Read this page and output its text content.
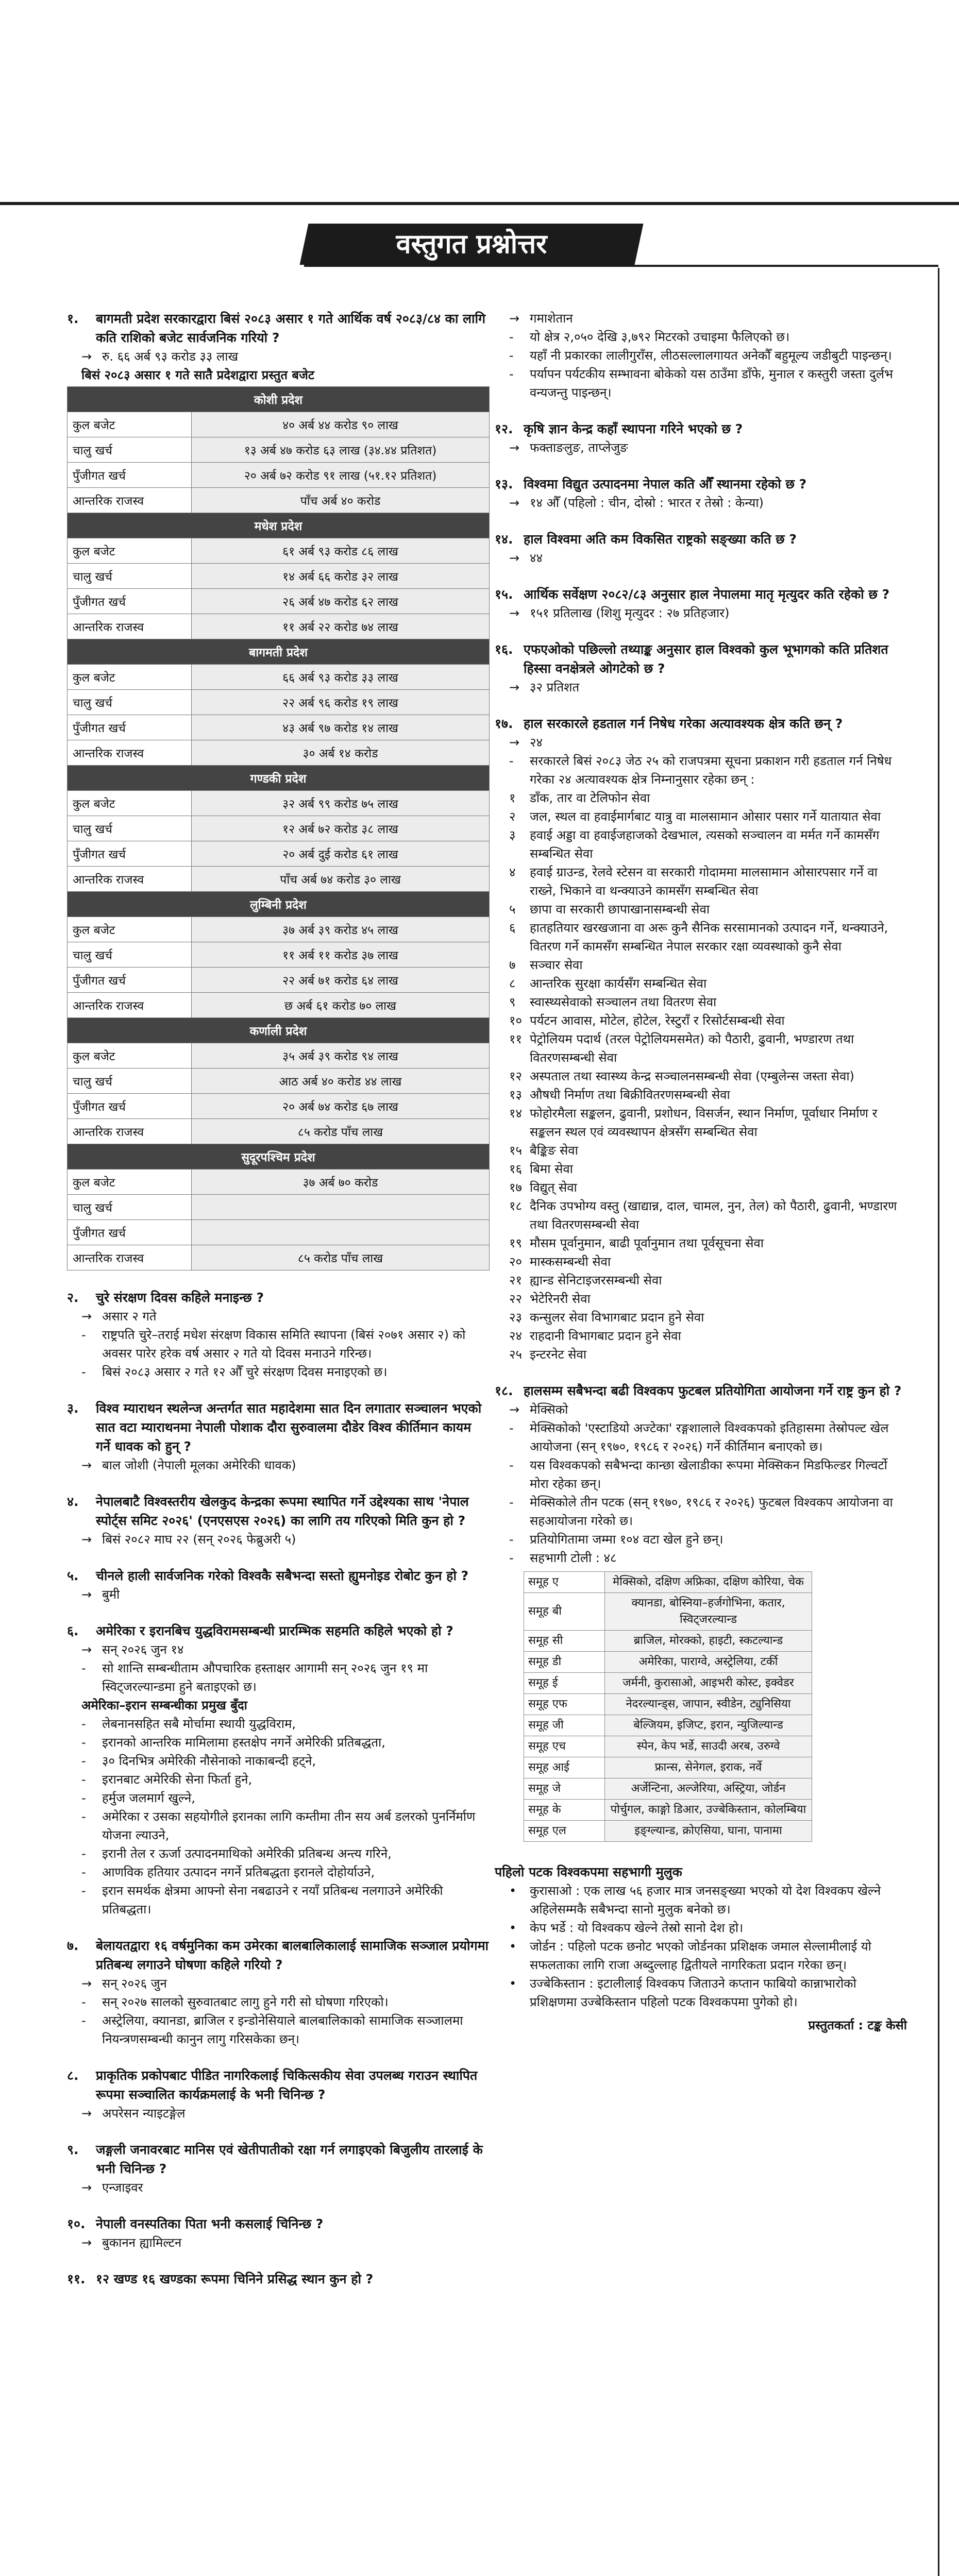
वस्तुगत प्रश्नोत्तर
१.	बागमती प्रदेश सरकारद्वारा बिसं २०८३ असार १ गते आर्थिक वर्ष २०८३/८४ का लागि कति राशिको बजेट सार्वजनिक गरियो ?
→ रु. ६६ अर्ब ९३ करोड ३३ लाख
बिसं २०८३ असार १ गते सातै प्रदेशद्वारा प्रस्तुत बजेट
कोशी प्रदेश	
कुल बजेट	४० अर्ब ४४ करोड ९० लाख
चालु खर्च	१३ अर्ब ४७ करोड ६३ लाख (३४.४४ प्रतिशत)
पुँजीगत खर्च	२० अर्ब ७२ करोड ९१ लाख (५१.१२ प्रतिशत)
आन्तरिक राजस्व	पाँच अर्ब ४० करोड
मधेश प्रदेश	
कुल बजेट	६१ अर्ब ९३ करोड ८६ लाख
चालु खर्च	१४ अर्ब ६६ करोड ३२ लाख
पुँजीगत खर्च	२६ अर्ब ४७ करोड ६२ लाख
आन्तरिक राजस्व	११ अर्ब २२ करोड ७४ लाख
बागमती प्रदेश	
कुल बजेट	६६ अर्ब ९३ करोड ३३ लाख
चालु खर्च	२२ अर्ब ९६ करोड १९ लाख
पुँजीगत खर्च	४३ अर्ब ९७ करोड १४ लाख
आन्तरिक राजस्व	३० अर्ब १४ करोड
गण्डकी प्रदेश	
कुल बजेट	३२ अर्ब ९९ करोड ७५ लाख
चालु खर्च	१२ अर्ब ७२ करोड ३८ लाख
पुँजीगत खर्च	२० अर्ब दुई करोड ६१ लाख
आन्तरिक राजस्व	पाँच अर्ब ७४ करोड ३० लाख
लुम्बिनी प्रदेश	
कुल बजेट	३७ अर्ब ३९ करोड ४५ लाख
चालु खर्च	११ अर्ब ११ करोड ३७ लाख
पुँजीगत खर्च	२२ अर्ब ७१ करोड ६४ लाख
आन्तरिक राजस्व	छ अर्ब ६१ करोड ७० लाख
कर्णाली प्रदेश	
कुल बजेट	३५ अर्ब ३९ करोड ९४ लाख
चालु खर्च	आठ अर्ब ४० करोड ४४ लाख
पुँजीगत खर्च	२० अर्ब ७४ करोड ६७ लाख
आन्तरिक राजस्व	८५ करोड पाँच लाख
सुदूरपश्चिम प्रदेश	
कुल बजेट	३७ अर्ब ७० करोड
चालु खर्च	
पुँजीगत खर्च	
आन्तरिक राजस्व	८५ करोड पाँच लाख
२.	चुरे संरक्षण दिवस कहिले मनाइन्छ ?
→ असार २ गते
-	राष्ट्रपति चुरे–तराई मधेश संरक्षण विकास समिति स्थापना (बिसं २०७१ असार २) को अवसर पारेर हरेक वर्ष असार २ गते यो दिवस मनाउने गरिन्छ।
-	बिसं २०८३ असार २ गते १२ औँ चुरे संरक्षण दिवस मनाइएको छ।
३.	विश्व म्याराथन स्थलेन्ज अन्तर्गत सात महादेशमा सात दिन लगातार सञ्चालन भएको सात वटा म्याराथनमा नेपाली पोशाक दौरा सुरुवालमा दौडेर विश्व कीर्तिमान कायम गर्ने धावक को हुन् ?
→ बाल जोशी (नेपाली मूलका अमेरिकी धावक)
४.	नेपालबाटै विश्वस्तरीय खेलकुद केन्द्रका रूपमा स्थापित गर्ने उद्देश्यका साथ 'नेपाल स्पोर्ट्स समिट २०२६' (एनएसएस २०२६) का लागि तय गरिएको मिति कुन हो ?
→ बिसं २०८२ माघ २२ (सन् २०२६ फेब्रुअरी ५)
५.	चीनले हाली सार्वजनिक गरेको विश्वकै सबैभन्दा सस्तो ह्युमनोइड रोबोट कुन हो ?
→ बुमी
६.	अमेरिका र इरानबिच युद्धविरामसम्बन्धी प्रारम्भिक सहमति कहिले भएको हो ?
→ सन् २०२६ जुन १४
-	सो शान्ति सम्बन्धीताम औपचारिक हस्ताक्षर आगामी सन् २०२६ जुन १९ मा स्विट्जरल्यान्डमा हुने बताइएको छ।
अमेरिका–इरान सम्बन्धीका प्रमुख बुँदा
-	लेबनानसहित सबै मोर्चामा स्थायी युद्धविराम,
-	इरानको आन्तरिक मामिलामा हस्तक्षेप नगर्ने अमेरिकी प्रतिबद्धता,
-	३० दिनभित्र अमेरिकी नौसेनाको नाकाबन्दी हट्ने,
-	इरानबाट अमेरिकी सेना फिर्ता हुने,
-	हर्मुज जलमार्ग खुल्ने,
-	अमेरिका र उसका सहयोगीले इरानका लागि कम्तीमा तीन सय अर्ब डलरको पुनर्निर्माण योजना ल्याउने,
-	इरानी तेल र ऊर्जा उत्पादनमाथिको अमेरिकी प्रतिबन्ध अन्त्य गरिने,
-	आणविक हतियार उत्पादन नगर्ने प्रतिबद्धता इरानले दोहोर्याउने,
-	इरान समर्थक क्षेत्रमा आफ्नो सेना नबढाउने र नयाँ प्रतिबन्ध नलगाउने अमेरिकी प्रतिबद्धता।
७.	बेलायतद्वारा १६ वर्षमुनिका कम उमेरका बालबालिकालाई सामाजिक सञ्जाल प्रयोगमा प्रतिबन्ध लगाउने घोषणा कहिले गरियो ?
→ सन् २०२६ जुन
-	सन् २०२७ सालको सुरुवातबाट लागु हुने गरी सो घोषणा गरिएको।
-	अस्ट्रेलिया, क्यानडा, ब्राजिल र इन्डोनेसियाले बालबालिकाको सामाजिक सञ्जालमा नियन्त्रणसम्बन्धी कानुन लागु गरिसकेका छन्।
८.	प्राकृतिक प्रकोपबाट पीडित नागरिकलाई चिकित्सकीय सेवा उपलब्ध गराउन स्थापित रूपमा सञ्चालित कार्यक्रमलाई के भनी चिनिन्छ ?
→ अपरेसन न्याइटङ्गेल
९.	जङ्गली जनावरबाट मानिस एवं खेतीपातीको रक्षा गर्न लगाइएको बिजुलीय तारलाई के भनी चिनिन्छ ?
→ एन्जाइवर
१०. नेपाली वनस्पतिका पिता भनी कसलाई चिनिन्छ ?
→ बुकानन ह्यामिल्टन
११. १२ खण्ड १६ खण्डका रूपमा चिनिने प्रसिद्ध स्थान कुन हो ?
→ गमाशेतान
-	यो क्षेत्र २,०५० देखि ३,७९२ मिटरको उचाइमा फैलिएको छ।
-	यहाँ नी प्रकारका लालीगुराँस, लीठसल्लालगायत अनेकौँ बहुमूल्य जडीबुटी पाइन्छन्।
-	पर्यापन पर्यटकीय सम्भावना बोकेको यस ठाउँमा डाँफे, मुनाल र कस्तुरी जस्ता दुर्लभ वन्यजन्तु पाइन्छन्।
१२. कृषि ज्ञान केन्द्र कहाँ स्थापना गरिने भएको छ ?
→ फक्ताङलुङ, ताप्लेजुङ
१३. विश्वमा विद्युत उत्पादनमा नेपाल कति औँ स्थानमा रहेको छ ?
→ १४ औँ (पहिलो : चीन, दोस्रो : भारत र तेस्रो : केन्या)
१४. हाल विश्वमा अति कम विकसित राष्ट्रको सङ्ख्या कति छ ?
→ ४४
१५. आर्थिक सर्वेक्षण २०८२/८३ अनुसार हाल नेपालमा मातृ मृत्युदर कति रहेको छ ?
→ १५१ प्रतिलाख (शिशु मृत्युदर : २७ प्रतिहजार)
१६. एफएओको पछिल्लो तथ्याङ्क अनुसार हाल विश्वको कुल भूभागको कति प्रतिशत हिस्सा वनक्षेत्रले ओगटेको छ ?
→ ३२ प्रतिशत
१७. हाल सरकारले हडताल गर्न निषेध गरेका अत्यावश्यक क्षेत्र कति छन् ?
→ २४
-	सरकारले बिसं २०८३ जेठ २५ को राजपत्रमा सूचना प्रकाशन गरी हडताल गर्न निषेध गरेका २४ अत्यावश्यक क्षेत्र निम्नानुसार रहेका छन् :
१	डाँक, तार वा टेलिफोन सेवा
२	जल, स्थल वा हवाईमार्गबाट यात्रु वा मालसामान ओसार पसार गर्ने यातायात सेवा
३	हवाई अड्डा वा हवाईजहाजको देखभाल, त्यसको सञ्चालन वा मर्मत गर्ने कामसँग सम्बन्धित सेवा
४	हवाई ग्राउन्ड, रेलवे स्टेसन वा सरकारी गोदाममा मालसामान ओसारपसार गर्ने वा राख्ने, भिकाने वा थन्क्याउने कामसँग सम्बन्धित सेवा
५	छापा वा सरकारी छापाखानासम्बन्धी सेवा
६	हातहतियार खरखजाना वा अरू कुनै सैनिक सरसामानको उत्पादन गर्ने, थन्क्याउने, वितरण गर्ने कामसँग सम्बन्धित नेपाल सरकार रक्षा व्यवस्थाको कुनै सेवा
७	सञ्चार सेवा
८	आन्तरिक सुरक्षा कार्यसँग सम्बन्धित सेवा
९	स्वास्थ्यसेवाको सञ्चालन तथा वितरण सेवा
१० पर्यटन आवास, मोटेल, होटेल, रेस्टुराँ र रिसोर्टसम्बन्धी सेवा
११ पेट्रोलियम पदार्थ (तरल पेट्रोलियमसमेत) को पैठारी, ढुवानी, भण्डारण तथा वितरणसम्बन्धी सेवा
१२ अस्पताल तथा स्वास्थ्य केन्द्र सञ्चालनसम्बन्धी सेवा (एम्बुलेन्स जस्ता सेवा)
१३ औषधी निर्माण तथा बिक्रीवितरणसम्बन्धी सेवा
१४ फोहोरमैला सङ्कलन, ढुवानी, प्रशोधन, विसर्जन, स्थान निर्माण, पूर्वाधार निर्माण र सङ्कलन स्थल एवं व्यवस्थापन क्षेत्रसँग सम्बन्धित सेवा
१५ बैङ्किङ सेवा
१६ बिमा सेवा
१७ विद्युत् सेवा
१८ दैनिक उपभोग्य वस्तु (खाद्यान्न, दाल, चामल, नुन, तेल) को पैठारी, ढुवानी, भण्डारण तथा वितरणसम्बन्धी सेवा
१९ मौसम पूर्वानुमान, बाढी पूर्वानुमान तथा पूर्वसूचना सेवा
२० मास्कसम्बन्धी सेवा
२१ ह्यान्ड सेनिटाइजरसम्बन्धी सेवा
२२ भेटेरिनरी सेवा
२३ कन्सुलर सेवा विभागबाट प्रदान हुने सेवा
२४ राहदानी विभागबाट प्रदान हुने सेवा
२५ इन्टरनेट सेवा
१८. हालसम्म सबैभन्दा बढी विश्वकप फुटबल प्रतियोगिता आयोजना गर्ने राष्ट्र कुन हो ?
→ मेक्सिको
-	मेक्सिकोको 'एस्टाडियो अज्टेका' रङ्गशालाले विश्वकपको इतिहासमा तेस्रोपल्ट खेल आयोजना (सन् १९७०, १९८६ र २०२६) गर्ने कीर्तिमान बनाएको छ।
-	यस विश्वकपको सबैभन्दा कान्छा खेलाडीका रूपमा मेक्सिकन मिडफिल्डर गिल्वर्टो मोरा रहेका छन्।
-	मेक्सिकोले तीन पटक (सन् १९७०, १९८६ र २०२६) फुटबल विश्वकप आयोजना वा सहआयोजना गरेको छ।
-	प्रतियोगितामा जम्मा १०४ वटा खेल हुने छन्।
-	सहभागी टोली : ४८
समूह ए	मेक्सिको, दक्षिण अफ्रिका, दक्षिण कोरिया, चेक
समूह बी	क्यानडा, बोस्निया–हर्जगोभिना, कतार, स्विट्जरल्यान्ड
समूह सी	ब्राजिल, मोरक्को, हाइटी, स्कटल्यान्ड
समूह डी	अमेरिका, पाराग्वे, अस्ट्रेलिया, टर्की
समूह ई	जर्मनी, कुरासाओ, आइभरी कोस्ट, इक्वेडर
समूह एफ	नेदरल्यान्ड्स, जापान, स्वीडेन, ट्युनिसिया
समूह जी	बेल्जियम, इजिप्ट, इरान, न्युजिल्यान्ड
समूह एच	स्पेन, केप भर्डे, साउदी अरब, उरुग्वे
समूह आई	फ्रान्स, सेनेगल, इराक, नर्वे
समूह जे	अर्जेन्टिना, अल्जेरिया, अस्ट्रिया, जोर्डन
समूह के	पोर्चुगल, काङ्गो डिआर, उज्बेकिस्तान, कोलम्बिया
समूह एल	इङ्ग्ल्यान्ड, क्रोएसिया, घाना, पानामा
पहिलो पटक विश्वकपमा सहभागी मुलुक
•	कुरासाओ : एक लाख ५६ हजार मात्र जनसङ्ख्या भएको यो देश विश्वकप खेल्ने अहिलेसम्मकै सबैभन्दा सानो मुलुक बनेको छ।
•	केप भर्डे : यो विश्वकप खेल्ने तेस्रो सानो देश हो।
•	जोर्डन : पहिलो पटक छनोट भएको जोर्डनका प्रशिक्षक जमाल सेल्लामीलाई यो सफलताका लागि राजा अब्दुल्लाह द्वितीयले नागरिकता प्रदान गरेका छन्।
•	उज्बेकिस्तान : इटालीलाई विश्वकप जिताउने कप्तान फाबियो कान्नाभारोको प्रशिक्षणमा उज्बेकिस्तान पहिलो पटक विश्वकपमा पुगेको हो।
प्रस्तुतकर्ता : टङ्क केसी
